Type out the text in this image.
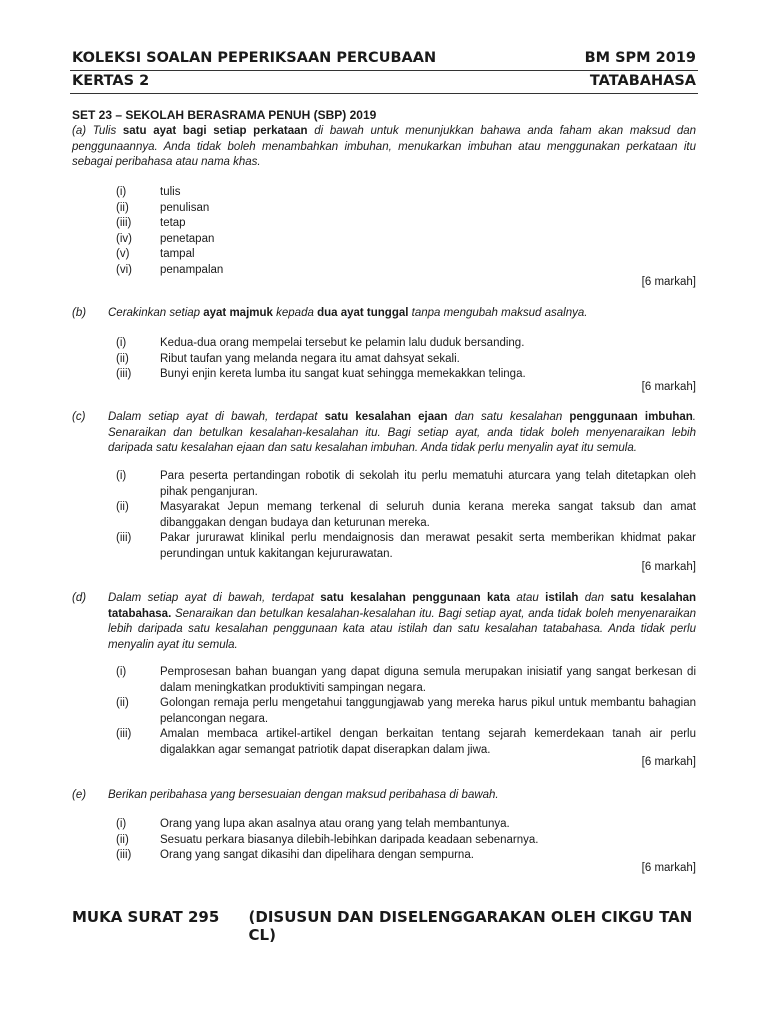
KOLEKSI SOALAN PEPERIKSAAN PERCUBAAN	BM SPM 2019
KERTAS 2	TATABAHASA
SET 23 – SEKOLAH BERASRAMA PENUH (SBP) 2019
(a) Tulis satu ayat bagi setiap perkataan di bawah untuk menunjukkan bahawa anda faham akan maksud dan penggunaannya. Anda tidak boleh menambahkan imbuhan, menukarkan imbuhan atau menggunakan perkataan itu sebagai peribahasa atau nama khas.
(i)	tulis
(ii)	penulisan
(iii)	tetap
(iv)	penetapan
(v)	tampal
(vi)	penampalan
[6 markah]
(b)	Cerakinkan setiap ayat majmuk kepada dua ayat tunggal tanpa mengubah maksud asalnya.
(i)	Kedua-dua orang mempelai tersebut ke pelamin lalu duduk bersanding.
(ii)	Ribut taufan yang melanda negara itu amat dahsyat sekali.
(iii)	Bunyi enjin kereta lumba itu sangat kuat sehingga memekakkan telinga.
[6 markah]
(c)	Dalam setiap ayat di bawah, terdapat satu kesalahan ejaan dan satu kesalahan penggunaan imbuhan. Senaraikan dan betulkan kesalahan-kesalahan itu. Bagi setiap ayat, anda tidak boleh menyenaraikan lebih daripada satu kesalahan ejaan dan satu kesalahan imbuhan. Anda tidak perlu menyalin ayat itu semula.
(i)	Para peserta pertandingan robotik di sekolah itu perlu mematuhi aturcara yang telah ditetapkan oleh pihak penganjuran.
(ii)	Masyarakat Jepun memang terkenal di seluruh dunia kerana mereka sangat taksub dan amat dibanggakan dengan budaya dan keturunan mereka.
(iii)	Pakar jururawat klinikal perlu mendaignosis dan merawat pesakit serta memberikan khidmat pakar perundingan untuk kakitangan kejururawatan.
[6 markah]
(d)	Dalam setiap ayat di bawah, terdapat satu kesalahan penggunaan kata atau istilah dan satu kesalahan tatabahasa. Senaraikan dan betulkan kesalahan-kesalahan itu. Bagi setiap ayat, anda tidak boleh menyenaraikan lebih daripada satu kesalahan penggunaan kata atau istilah dan satu kesalahan tatabahasa. Anda tidak perlu menyalin ayat itu semula.
(i)	Pemprosesan bahan buangan yang dapat diguna semula merupakan inisiatif yang sangat berkesan di dalam meningkatkan produktiviti sampingan negara.
(ii)	Golongan remaja perlu mengetahui tanggungjawab yang mereka harus pikul untuk membantu bahagian pelancongan negara.
(iii)	Amalan membaca artikel-artikel dengan berkaitan tentang sejarah kemerdekaan tanah air perlu digalakkan agar semangat patriotik dapat diserapkan dalam jiwa.
[6 markah]
(e)	Berikan peribahasa yang bersesuaian dengan maksud peribahasa di bawah.
(i)	Orang yang lupa akan asalnya atau orang yang telah membantunya.
(ii)	Sesuatu perkara biasanya dilebih-lebihkan daripada keadaan sebenarnya.
(iii)	Orang yang sangat dikasihi dan dipelihara dengan sempurna.
[6 markah]
MUKA SURAT 295	(DISUSUN DAN DISELENGGARAKAN OLEH CIKGU TAN CL)
